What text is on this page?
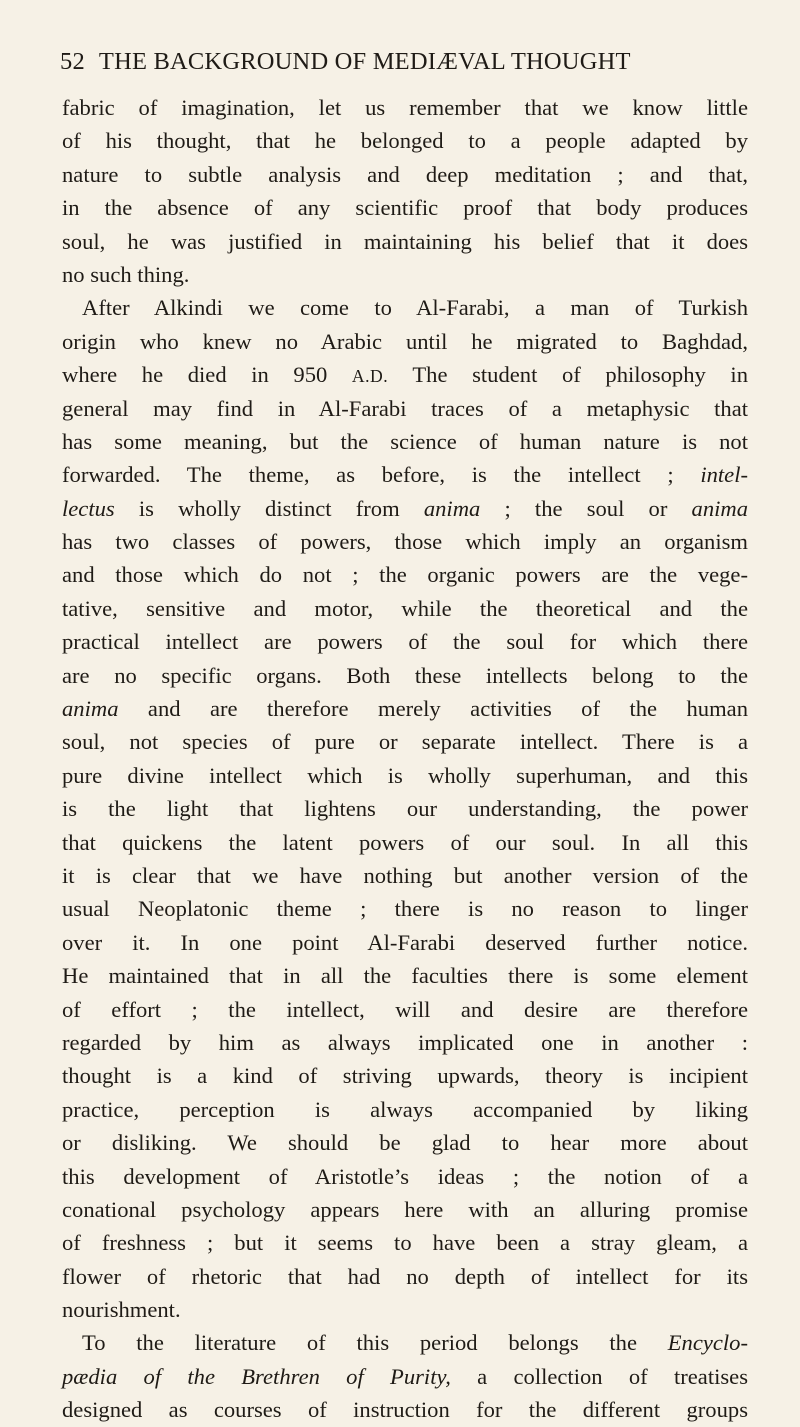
52 THE BACKGROUND OF MEDIÆVAL THOUGHT
fabric of imagination, let us remember that we know little
of his thought, that he belonged to a people adapted by
nature to subtle analysis and deep meditation ; and that,
in the absence of any scientific proof that body produces
soul, he was justified in maintaining his belief that it does
no such thing.
After Alkindi we come to Al-Farabi, a man of Turkish
origin who knew no Arabic until he migrated to Baghdad,
where he died in 950 A.D. The student of philosophy in
general may find in Al-Farabi traces of a metaphysic that
has some meaning, but the science of human nature is not
forwarded. The theme, as before, is the intellect ; intel-
lectus is wholly distinct from anima ; the soul or anima
has two classes of powers, those which imply an organism
and those which do not ; the organic powers are the vege-
tative, sensitive and motor, while the theoretical and the
practical intellect are powers of the soul for which there
are no specific organs. Both these intellects belong to the
anima and are therefore merely activities of the human
soul, not species of pure or separate intellect. There is a
pure divine intellect which is wholly superhuman, and this
is the light that lightens our understanding, the power
that quickens the latent powers of our soul. In all this
it is clear that we have nothing but another version of the
usual Neoplatonic theme ; there is no reason to linger
over it. In one point Al-Farabi deserved further notice.
He maintained that in all the faculties there is some element
of effort ; the intellect, will and desire are therefore
regarded by him as always implicated one in another :
thought is a kind of striving upwards, theory is incipient
practice, perception is always accompanied by liking
or disliking. We should be glad to hear more about
this development of Aristotle’s ideas ; the notion of a
conational psychology appears here with an alluring promise
of freshness ; but it seems to have been a stray gleam, a
flower of rhetoric that had no depth of intellect for its
nourishment.
To the literature of this period belongs the Encyclo-
pædia of the Brethren of Purity, a collection of treatises
designed as courses of instruction for the different groups
